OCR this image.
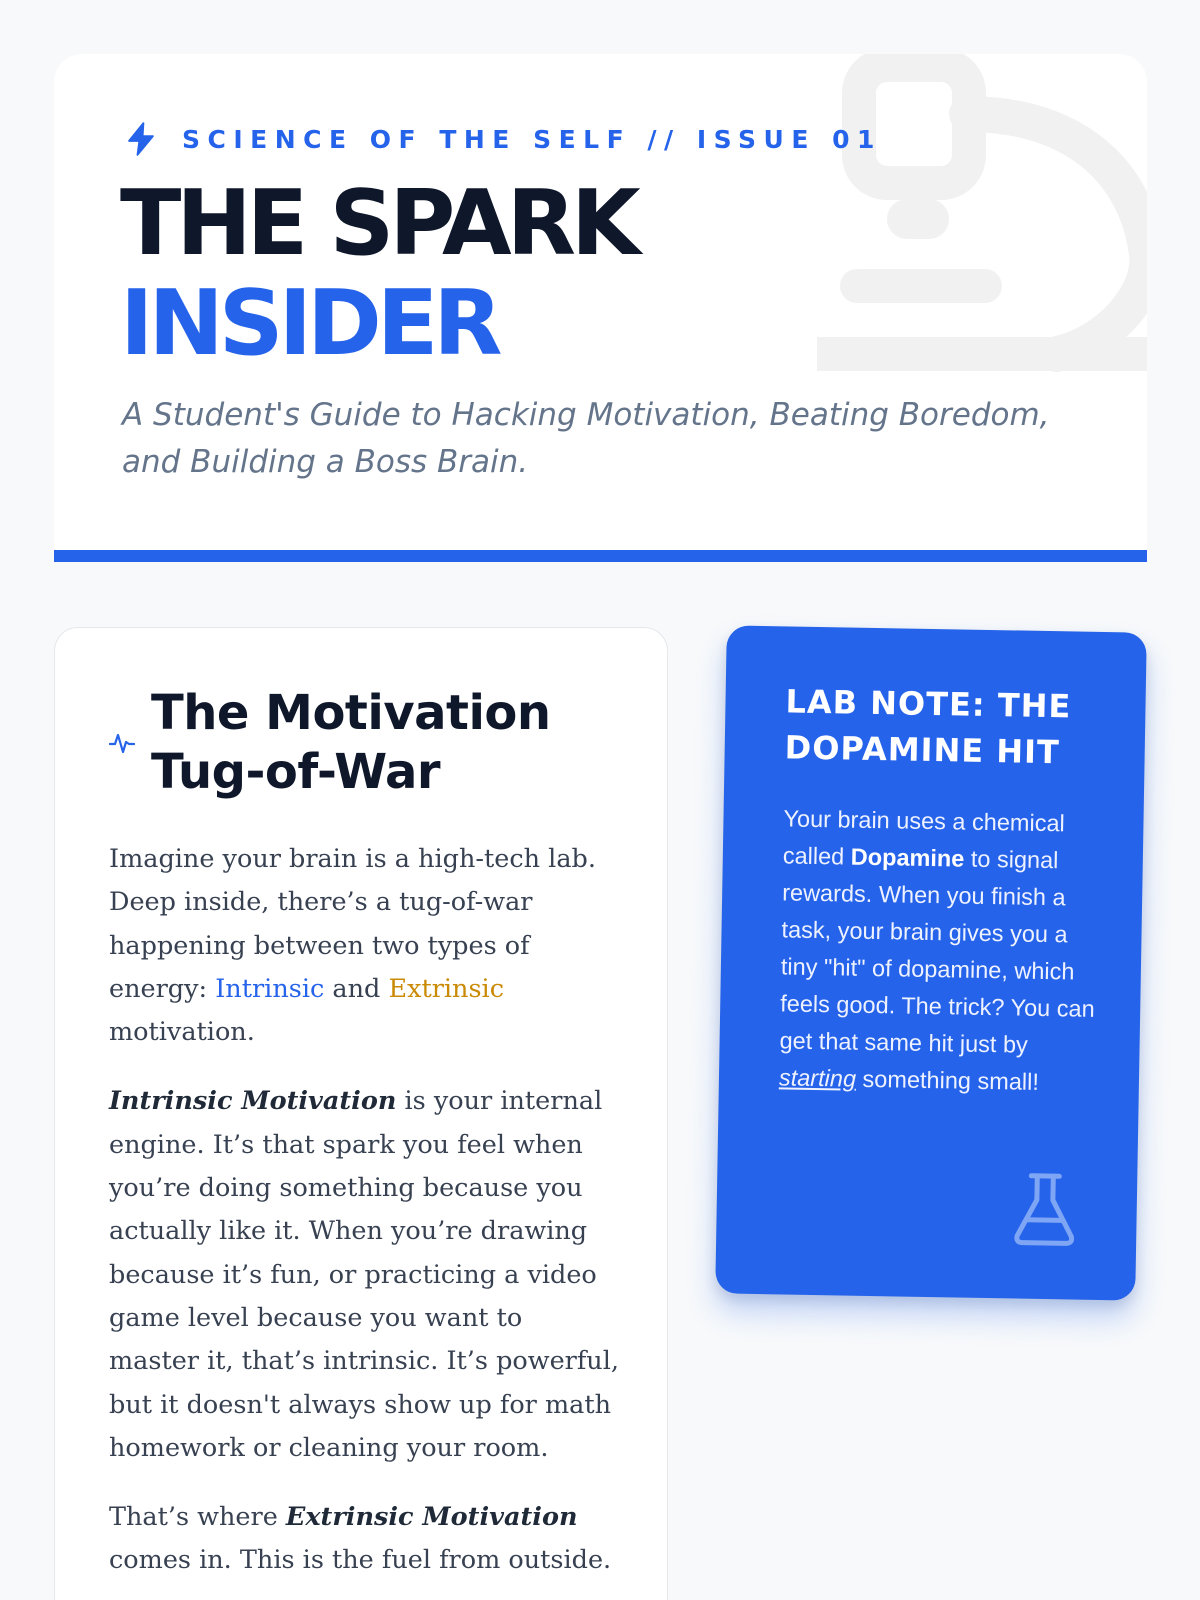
SCIENCE OF THE SELF // ISSUE 01
THE SPARK
INSIDER

A Student's Guide to Hacking Motivation, Beating Boredom, and Building a Boss Brain.

The Motivation Tug-of-War

Imagine your brain is a high-tech lab. Deep inside, there’s a tug-of-war happening between two types of energy: Intrinsic and Extrinsic motivation.

Intrinsic Motivation is your internal engine. It’s that spark you feel when you’re doing something because you actually like it. When you’re drawing because it’s fun, or practicing a video game level because you want to master it, that’s intrinsic. It’s powerful, but it doesn't always show up for math homework or cleaning your room.

That’s where Extrinsic Motivation comes in. This is the fuel from outside.

LAB NOTE: THE DOPAMINE HIT

Your brain uses a chemical called Dopamine to signal rewards. When you finish a task, your brain gives you a tiny "hit" of dopamine, which feels good. The trick? You can get that same hit just by starting something small!
